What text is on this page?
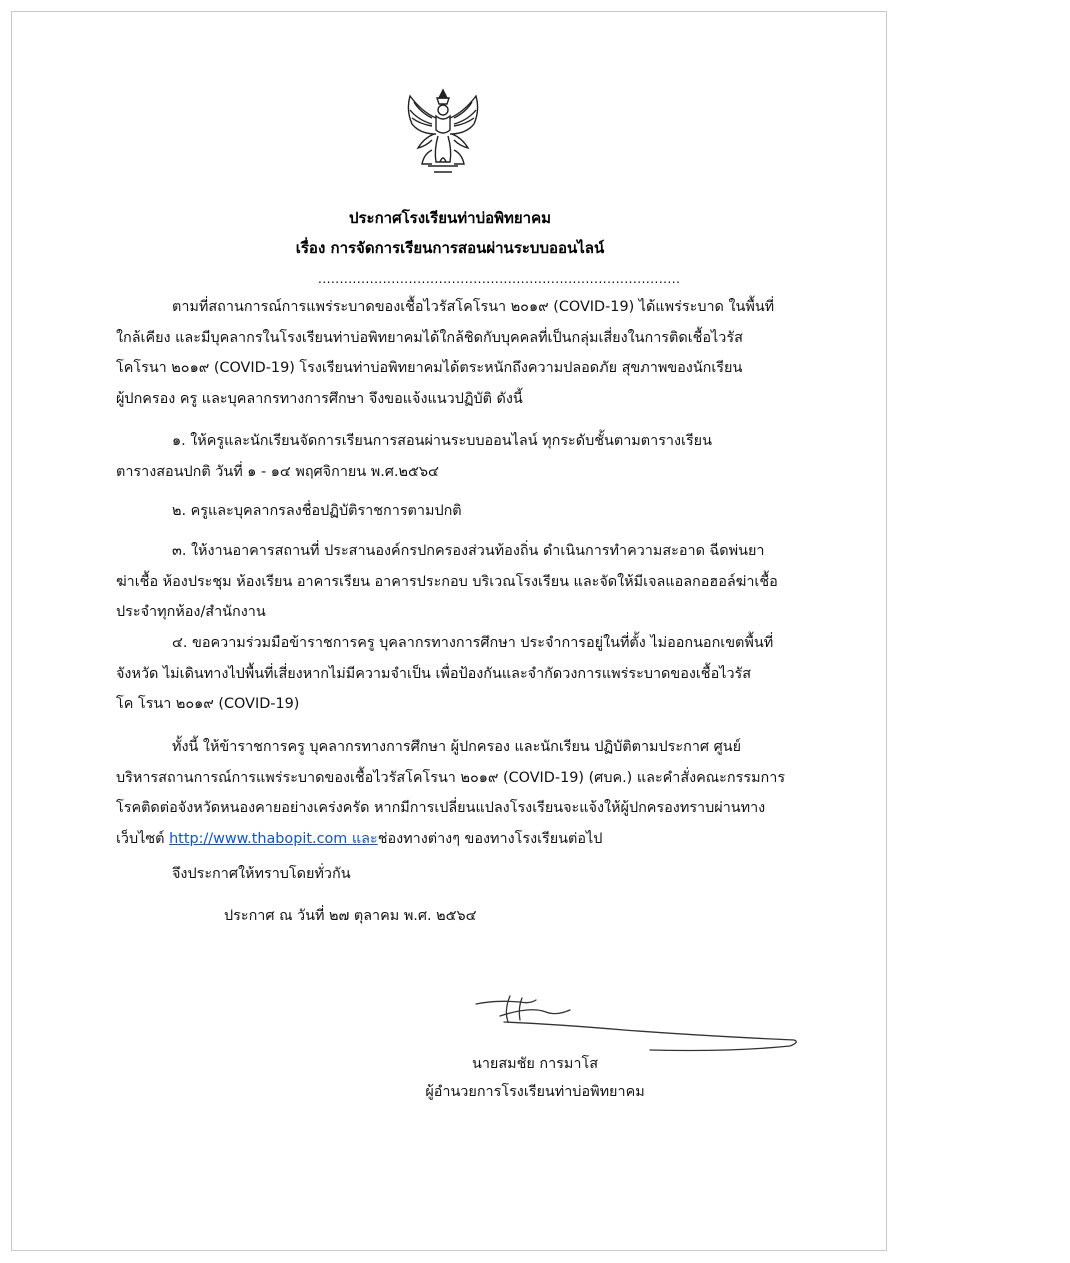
ประกาศโรงเรียนท่าบ่อพิทยาคม
เรื่อง การจัดการเรียนการสอนผ่านระบบออนไลน์
....................................................................................
ตามที่สถานการณ์การแพร่ระบาดของเชื้อไวรัสโคโรนา ๒๐๑๙ (COVID-19) ได้แพร่ระบาด ในพื้นที่
ใกล้เคียง และมีบุคลากรในโรงเรียนท่าบ่อพิทยาคมได้ใกล้ชิดกับบุคคลที่เป็นกลุ่มเสี่ยงในการติดเชื้อไวรัส
โคโรนา ๒๐๑๙ (COVID-19) โรงเรียนท่าบ่อพิทยาคมได้ตระหนักถึงความปลอดภัย สุขภาพของนักเรียน
ผู้ปกครอง ครู และบุคลากรทางการศึกษา จึงขอแจ้งแนวปฏิบัติ ดังนี้
๑. ให้ครูและนักเรียนจัดการเรียนการสอนผ่านระบบออนไลน์ ทุกระดับชั้นตามตารางเรียน
ตารางสอนปกติ วันที่ ๑ - ๑๔ พฤศจิกายน พ.ศ.๒๕๖๔

๒. ครูและบุคลากรลงชื่อปฏิบัติราชการตามปกติ

๓. ให้งานอาคารสถานที่ ประสานองค์กรปกครองส่วนท้องถิ่น ดำเนินการทำความสะอาด ฉีดพ่นยา
ฆ่าเชื้อ ห้องประชุม ห้องเรียน อาคารเรียน อาคารประกอบ บริเวณโรงเรียน และจัดให้มีเจลแอลกอฮอล์ฆ่าเชื้อ
ประจำทุกห้อง/สำนักงาน
๔. ขอความร่วมมือข้าราชการครู บุคลากรทางการศึกษา ประจำการอยู่ในที่ตั้ง ไม่ออกนอกเขตพื้นที่
จังหวัด ไม่เดินทางไปพื้นที่เสี่ยงหากไม่มีความจำเป็น เพื่อป้องกันและจำกัดวงการแพร่ระบาดของเชื้อไวรัส
โค โรนา ๒๐๑๙ (COVID-19)
ทั้งนี้ ให้ข้าราชการครู บุคลากรทางการศึกษา ผู้ปกครอง และนักเรียน ปฏิบัติตามประกาศ ศูนย์
บริหารสถานการณ์การแพร่ระบาดของเชื้อไวรัสโคโรนา ๒๐๑๙ (COVID-19) (ศบค.) และคำสั่งคณะกรรมการ
โรคติดต่อจังหวัดหนองคายอย่างเคร่งครัด หากมีการเปลี่ยนแปลงโรงเรียนจะแจ้งให้ผู้ปกครองทราบผ่านทาง
เว็บไซต์ http://www.thabopit.com และช่องทางต่างๆ ของทางโรงเรียนต่อไป

จึงประกาศให้ทราบโดยทั่วกัน

ประกาศ ณ วันที่ ๒๗ ตุลาคม พ.ศ. ๒๕๖๔

นายสมชัย การมาโส
ผู้อำนวยการโรงเรียนท่าบ่อพิทยาคม
